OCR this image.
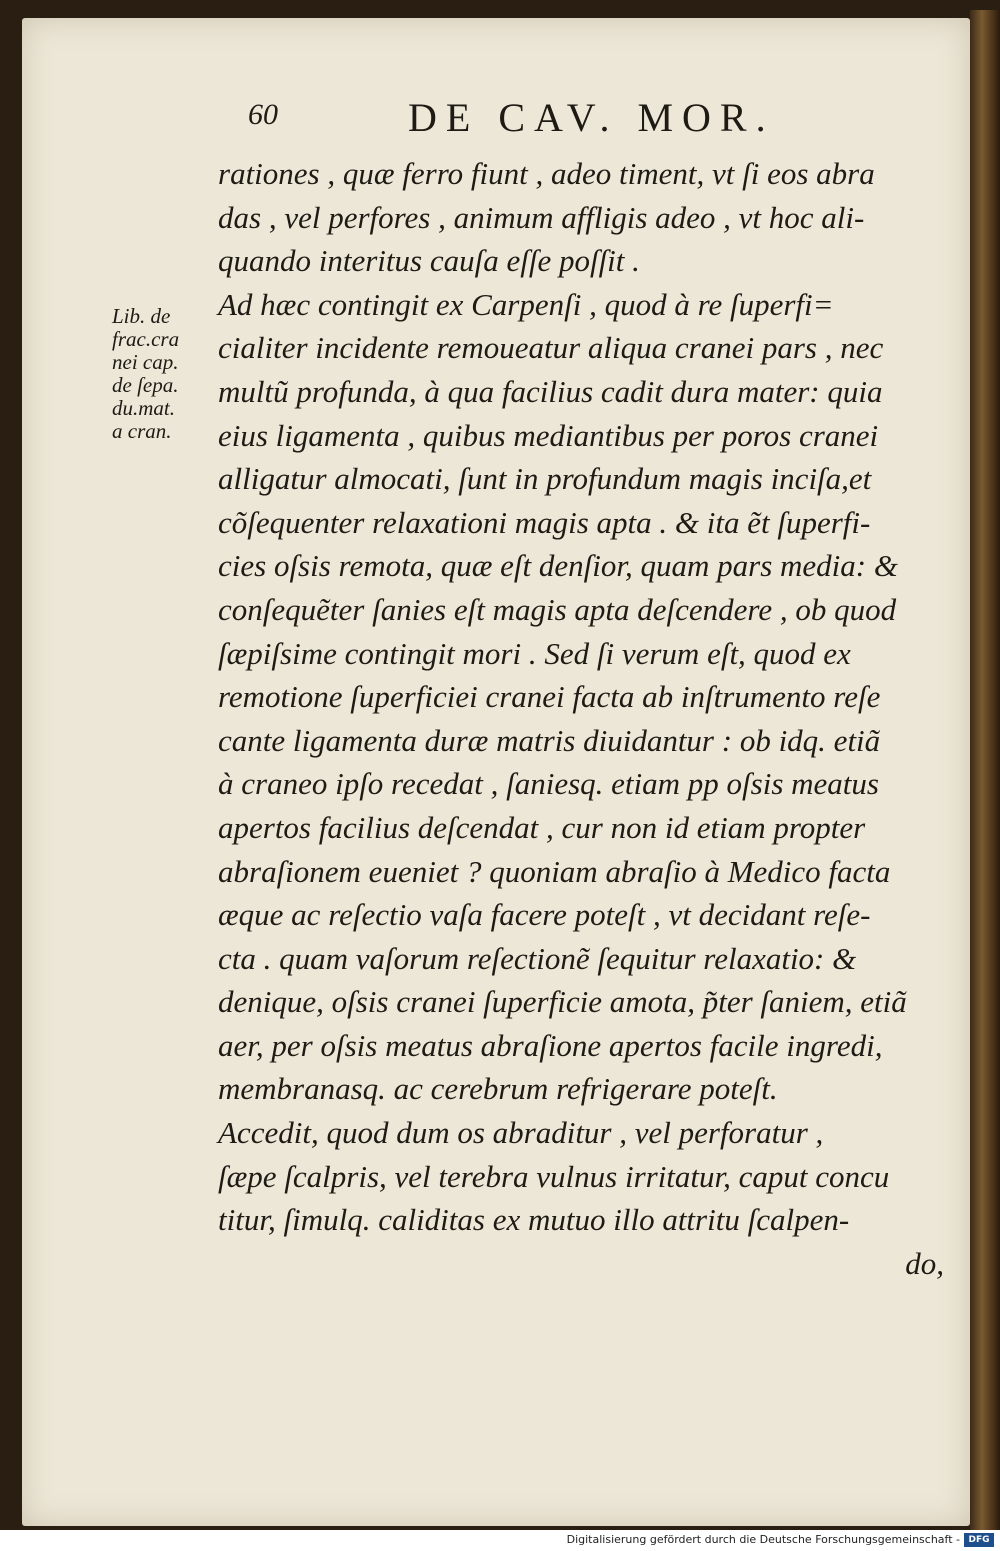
60	DE CAV. MOR.
Lib. de
frac.cra
nei cap.
de ſepa.
du.mat.
a cran.
rationes , quæ ferro fiunt , adeo timent, vt ſi eos abra
das , vel perfores , animum affligis adeo , vt hoc ali-
quando interitus cauſa eſſe poſſit .
Ad hæc contingit ex Carpenſi , quod à re ſuperfi=
cialiter incidente remoueatur aliqua cranei pars , nec
multũ profunda, à qua facilius cadit dura mater: quia
eius ligamenta , quibus mediantibus per poros cranei
alligatur almocati, ſunt in profundum magis inciſa,et
cõſequenter relaxationi magis apta . & ita ẽt ſuperfi-
cies oſsis remota, quæ eſt denſior, quam pars media: &
conſequẽter ſanies eſt magis apta deſcendere , ob quod
ſæpiſsime contingit mori . Sed ſi verum eſt, quod ex
remotione ſuperficiei cranei facta ab inſtrumento reſe
cante ligamenta duræ matris diuidantur : ob idq. etiã
à craneo ipſo recedat , ſaniesq. etiam pp oſsis meatus
apertos facilius deſcendat , cur non id etiam propter
abraſionem eueniet ? quoniam abraſio à Medico facta
æque ac reſectio vaſa facere poteſt , vt decidant reſe-
cta . quam vaſorum reſectionẽ ſequitur relaxatio: &
denique, oſsis cranei ſuperficie amota, p̃ter ſaniem, etiã
aer, per oſsis meatus abraſione apertos facile ingredi,
membranasq. ac cerebrum refrigerare poteſt.
Accedit, quod dum os abraditur , vel perforatur ,
ſæpe ſcalpris, vel terebra vulnus irritatur, caput concu
titur, ſimulq. caliditas ex mutuo illo attritu ſcalpen-
do,
Digitalisierung gefördert durch die Deutsche Forschungsgemeinschaft - DFG
